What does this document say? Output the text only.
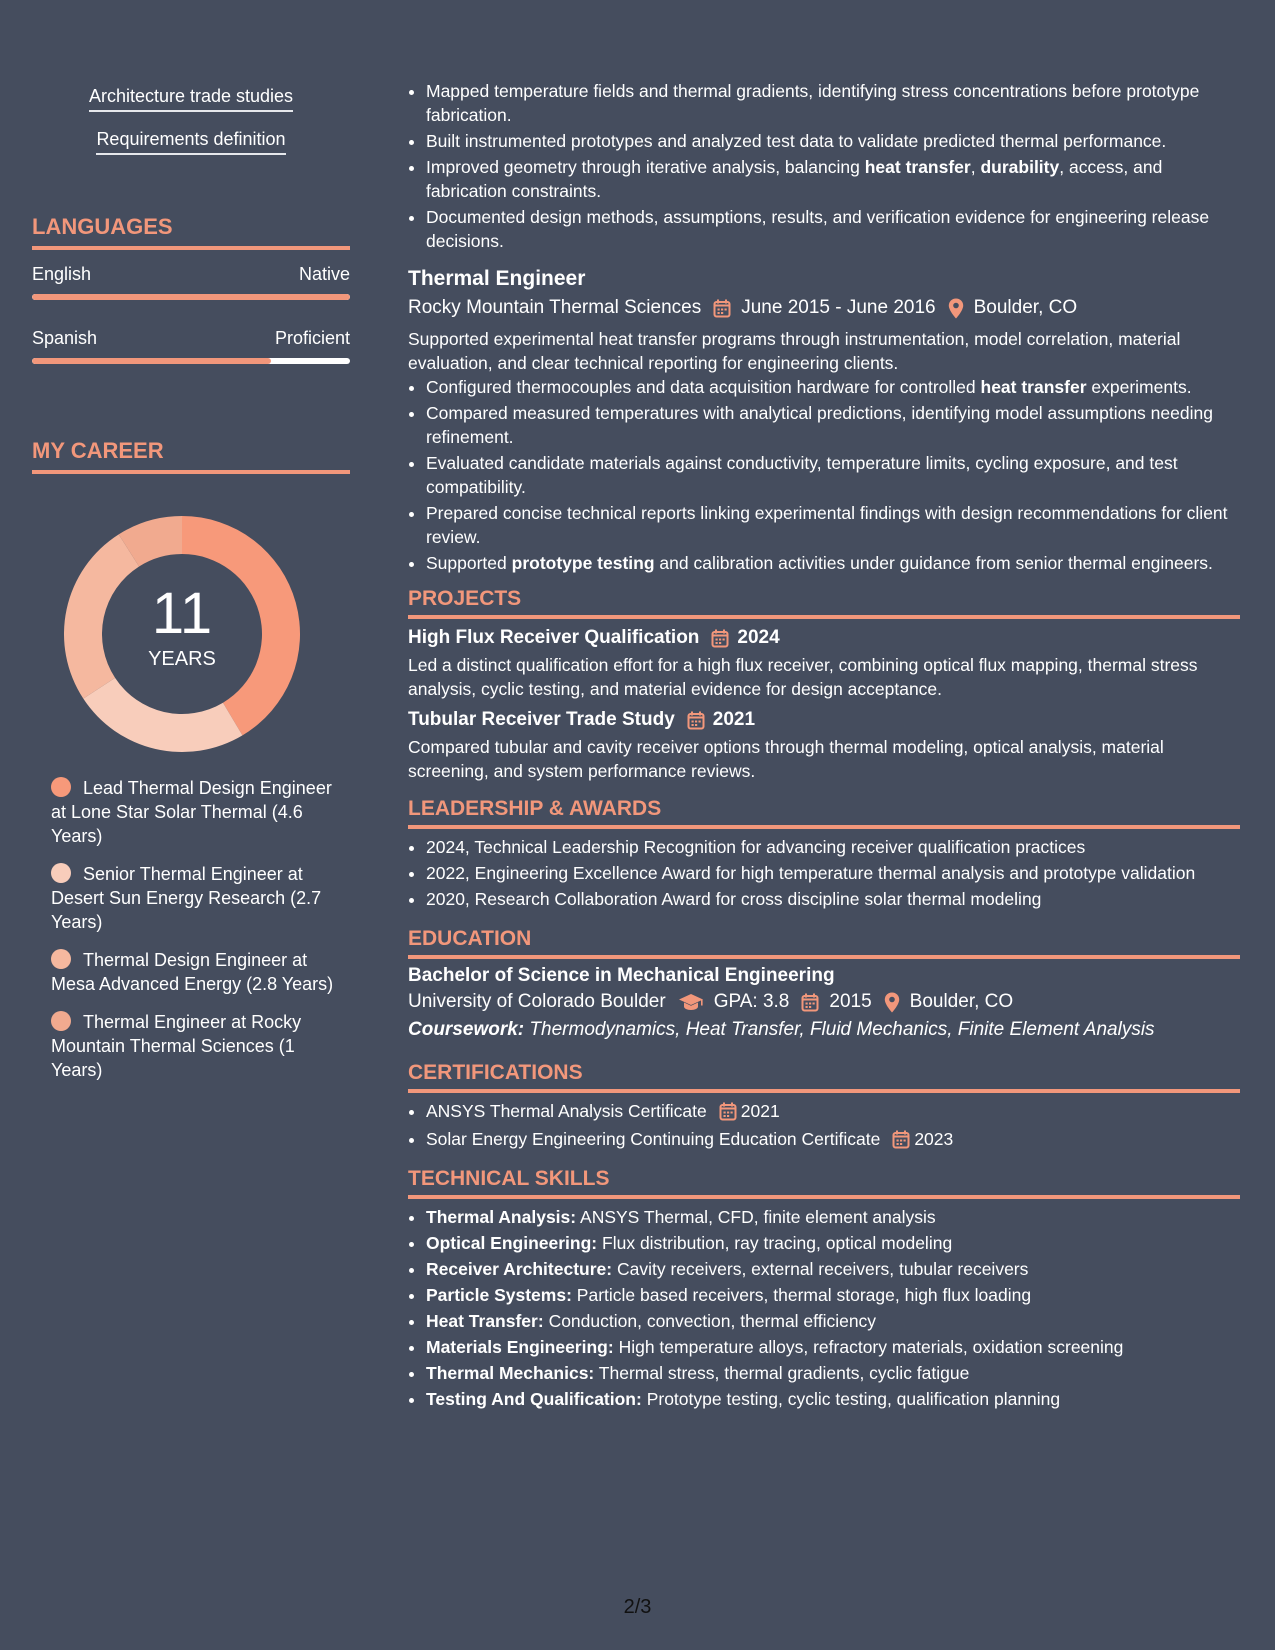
Architecture trade studies
Requirements definition
LANGUAGES
English	Native
Spanish	Proficient
MY CAREER
11
YEARS
Lead Thermal Design Engineer at Lone Star Solar Thermal (4.6 Years)
Senior Thermal Engineer at Desert Sun Energy Research (2.7 Years)
Thermal Design Engineer at Mesa Advanced Energy (2.8 Years)
Thermal Engineer at Rocky Mountain Thermal Sciences (1 Years)
• Mapped temperature fields and thermal gradients, identifying stress concentrations before prototype fabrication.
• Built instrumented prototypes and analyzed test data to validate predicted thermal performance.
• Improved geometry through iterative analysis, balancing heat transfer, durability, access, and fabrication constraints.
• Documented design methods, assumptions, results, and verification evidence for engineering release decisions.
Thermal Engineer
Rocky Mountain Thermal Sciences June 2015 - June 2016 Boulder, CO
Supported experimental heat transfer programs through instrumentation, model correlation, material evaluation, and clear technical reporting for engineering clients.
• Configured thermocouples and data acquisition hardware for controlled heat transfer experiments.
• Compared measured temperatures with analytical predictions, identifying model assumptions needing refinement.
• Evaluated candidate materials against conductivity, temperature limits, cycling exposure, and test compatibility.
• Prepared concise technical reports linking experimental findings with design recommendations for client review.
• Supported prototype testing and calibration activities under guidance from senior thermal engineers.
PROJECTS
High Flux Receiver Qualification 2024
Led a distinct qualification effort for a high flux receiver, combining optical flux mapping, thermal stress analysis, cyclic testing, and material evidence for design acceptance.
Tubular Receiver Trade Study 2021
Compared tubular and cavity receiver options through thermal modeling, optical analysis, material screening, and system performance reviews.
LEADERSHIP & AWARDS
• 2024, Technical Leadership Recognition for advancing receiver qualification practices
• 2022, Engineering Excellence Award for high temperature thermal analysis and prototype validation
• 2020, Research Collaboration Award for cross discipline solar thermal modeling
EDUCATION
Bachelor of Science in Mechanical Engineering
University of Colorado Boulder	GPA: 3.8 2015 Boulder, CO
Coursework: Thermodynamics, Heat Transfer, Fluid Mechanics, Finite Element Analysis
CERTIFICATIONS
• ANSYS Thermal Analysis Certificate 2021
• Solar Energy Engineering Continuing Education Certificate 2023
TECHNICAL SKILLS
• Thermal Analysis: ANSYS Thermal, CFD, finite element analysis
• Optical Engineering: Flux distribution, ray tracing, optical modeling
• Receiver Architecture: Cavity receivers, external receivers, tubular receivers
• Particle Systems: Particle based receivers, thermal storage, high flux loading
• Heat Transfer: Conduction, convection, thermal efficiency
• Materials Engineering: High temperature alloys, refractory materials, oxidation screening
• Thermal Mechanics: Thermal stress, thermal gradients, cyclic fatigue
• Testing And Qualification: Prototype testing, cyclic testing, qualification planning
2/3
